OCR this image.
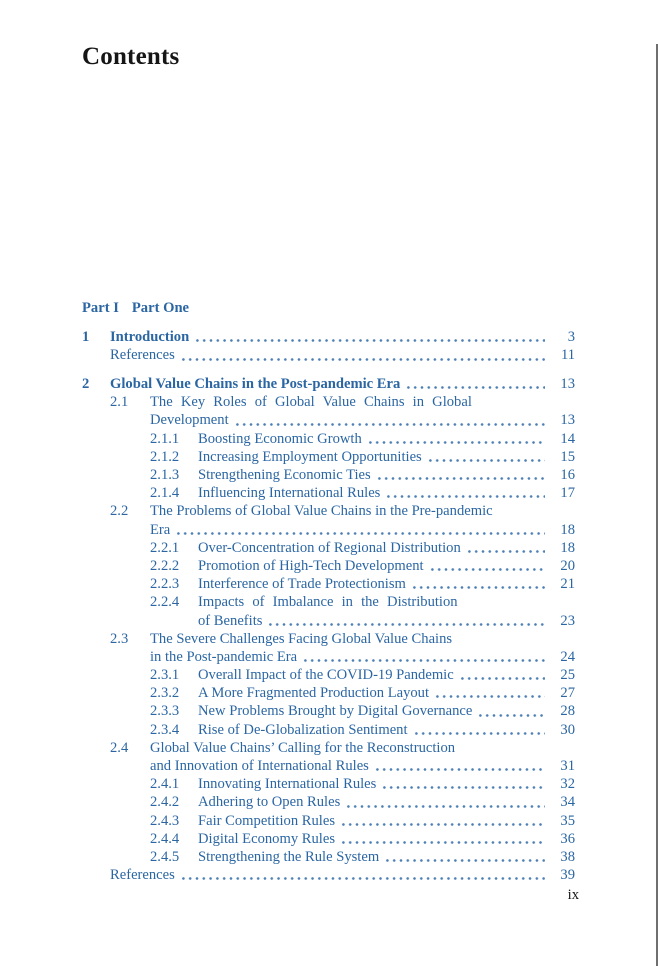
Contents
Part I Part One
1	Introduction	3
References	11
2	Global Value Chains in the Post-pandemic Era	13
2.1	The Key Roles of Global Value Chains in Global
Development	13
2.1.1	Boosting Economic Growth	14
2.1.2	Increasing Employment Opportunities	15
2.1.3	Strengthening Economic Ties	16
2.1.4	Influencing International Rules	17
2.2	The Problems of Global Value Chains in the Pre-pandemic
Era	18
2.2.1	Over-Concentration of Regional Distribution	18
2.2.2	Promotion of High-Tech Development	20
2.2.3	Interference of Trade Protectionism	21
2.2.4	Impacts of Imbalance in the Distribution
of Benefits	23
2.3	The Severe Challenges Facing Global Value Chains
in the Post-pandemic Era	24
2.3.1	Overall Impact of the COVID-19 Pandemic	25
2.3.2	A More Fragmented Production Layout	27
2.3.3	New Problems Brought by Digital Governance	28
2.3.4	Rise of De-Globalization Sentiment	30
2.4	Global Value Chains’ Calling for the Reconstruction
and Innovation of International Rules	31
2.4.1	Innovating International Rules	32
2.4.2	Adhering to Open Rules	34
2.4.3	Fair Competition Rules	35
2.4.4	Digital Economy Rules	36
2.4.5	Strengthening the Rule System	38
References	39
ix
